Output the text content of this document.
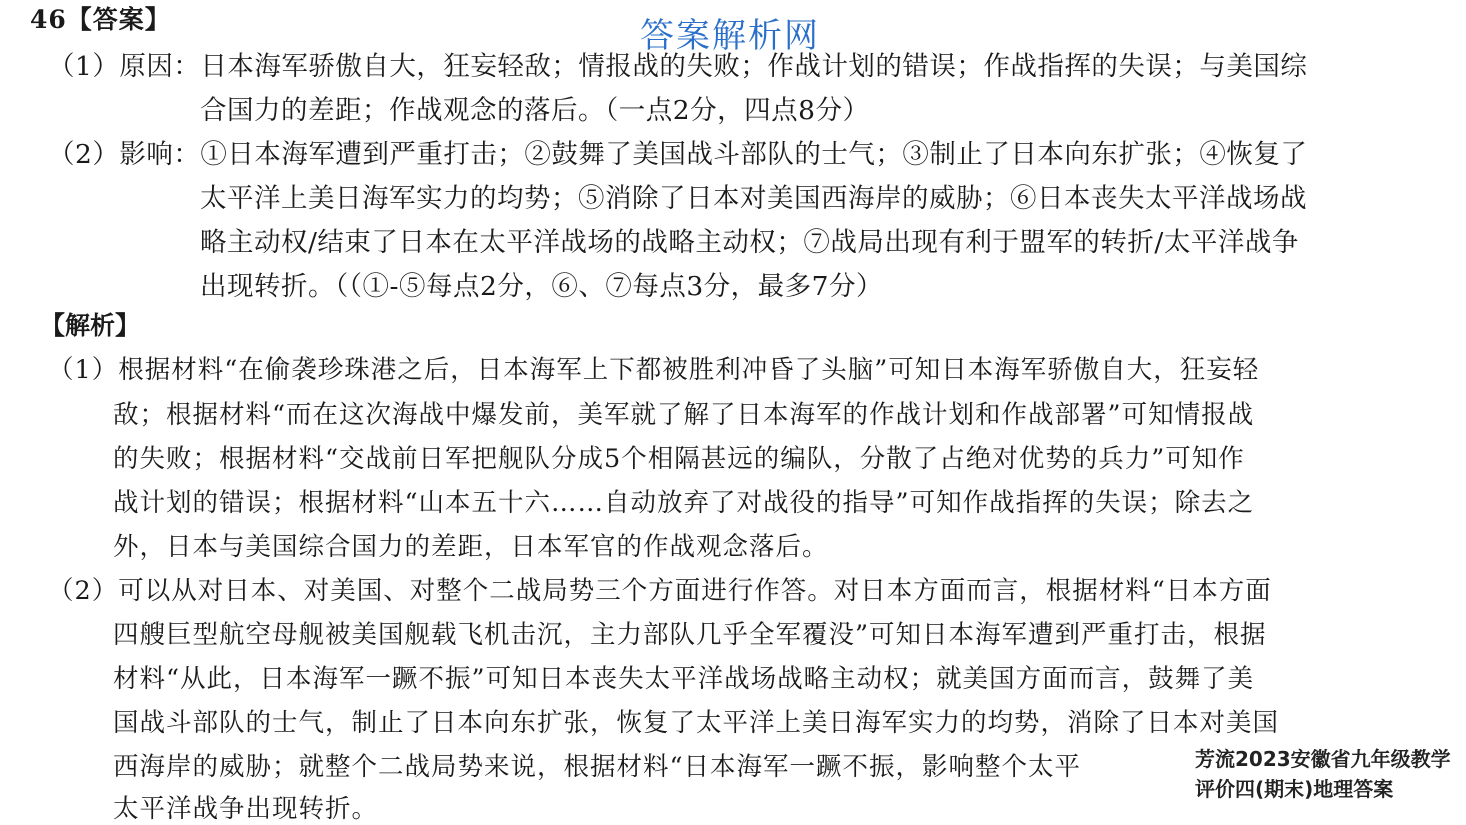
46【答案】	答案解析网
（1）原因：日本海军骄傲自大，狂妄轻敌；情报战的失败；作战计划的错误；作战指挥的失误；与美国综
合国力的差距；作战观念的落后。（一点2分，四点8分）
（2）影响：①日本海军遭到严重打击；②鼓舞了美国战斗部队的士气；③制止了日本向东扩张；④恢复了
太平洋上美日海军实力的均势；⑤消除了日本对美国西海岸的威胁；⑥日本丧失太平洋战场战
略主动权/结束了日本在太平洋战场的战略主动权；⑦战局出现有利于盟军的转折/太平洋战争
出现转折。（（①-⑤每点2分，⑥、⑦每点3分，最多7分）
【解析】
（1）根据材料“在偷袭珍珠港之后，日本海军上下都被胜利冲昏了头脑”可知日本海军骄傲自大，狂妄轻
敌；根据材料“而在这次海战中爆发前，美军就了解了日本海军的作战计划和作战部署”可知情报战
的失败；根据材料“交战前日军把舰队分成5个相隔甚远的编队，分散了占绝对优势的兵力”可知作
战计划的错误；根据材料“山本五十六……自动放弃了对战役的指导”可知作战指挥的失误；除去之
外，日本与美国综合国力的差距，日本军官的作战观念落后。
（2）可以从对日本、对美国、对整个二战局势三个方面进行作答。对日本方面而言，根据材料“日本方面
四艘巨型航空母舰被美国舰载飞机击沉，主力部队几乎全军覆没”可知日本海军遭到严重打击，根据
材料“从此，日本海军一蹶不振”可知日本丧失太平洋战场战略主动权；就美国方面而言，鼓舞了美
国战斗部队的士气，制止了日本向东扩张，恢复了太平洋上美日海军实力的均势，消除了日本对美国
西海岸的威胁；就整个二战局势来说，根据材料“日本海军一蹶不振，影响整个太平
太平洋战争出现转折。
芳⁠流2023安徽省九年级教学
评价四(期末)地理答案
